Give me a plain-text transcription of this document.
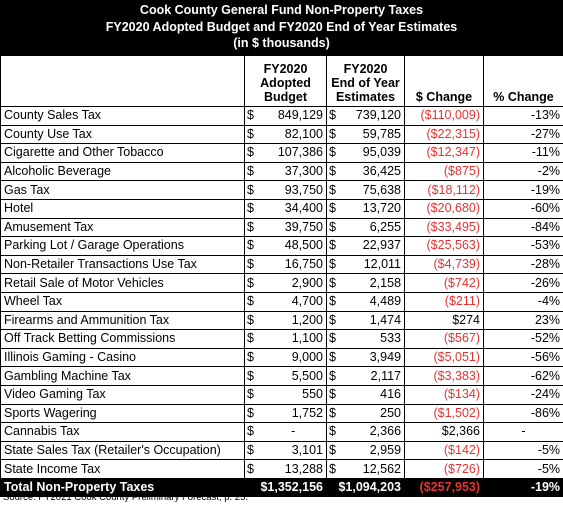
Cook County General Fund Non-Property Taxes
FY2020 Adopted Budget and FY2020 End of Year Estimates
(in $ thousands)
	FY2020
Adopted
Budget		FY2020
End of Year
Estimates		$ Change	% Change
County Sales Tax	$	849,129	$	739,120	($110,009)	-13%
County Use Tax	$	82,100	$	59,785	($22,315)	-27%
Cigarette and Other Tobacco	$	107,386	$	95,039	($12,347)	-11%
Alcoholic Beverage	$	37,300	$	36,425	($875)	-2%
Gas Tax	$	93,750	$	75,638	($18,112)	-19%
Hotel	$	34,400	$	13,720	($20,680)	-60%
Amusement Tax	$	39,750	$	6,255	($33,495)	-84%
Parking Lot / Garage Operations	$	48,500	$	22,937	($25,563)	-53%
Non-Retailer Transactions Use Tax	$	16,750	$	12,011	($4,739)	-28%
Retail Sale of Motor Vehicles	$	2,900	$	2,158	($742)	-26%
Wheel Tax	$	4,700	$	4,489	($211)	-4%
Firearms and Ammunition Tax	$	1,200	$	1,474	$274	23%
Off Track Betting Commissions	$	1,100	$	533	($567)	-52%
Illinois Gaming - Casino	$	9,000	$	3,949	($5,051)	-56%
Gambling Machine Tax	$	5,500	$	2,117	($3,383)	-62%
Video Gaming Tax	$	550	$	416	($134)	-24%
Sports Wagering	$	1,752	$	250	($1,502)	-86%
Cannabis Tax	$	-	$	2,366	$2,366	-
State Sales Tax (Retailer's Occupation)	$	3,101	$	2,959	($142)	-5%
State Income Tax	$	13,288	$	12,562	($726)	-5%
Total Non-Property Taxes	$1,352,156		$1,094,203		($257,953)	-19%
Source: FY2021 Cook County Preliminary Forecast, p. 25.
